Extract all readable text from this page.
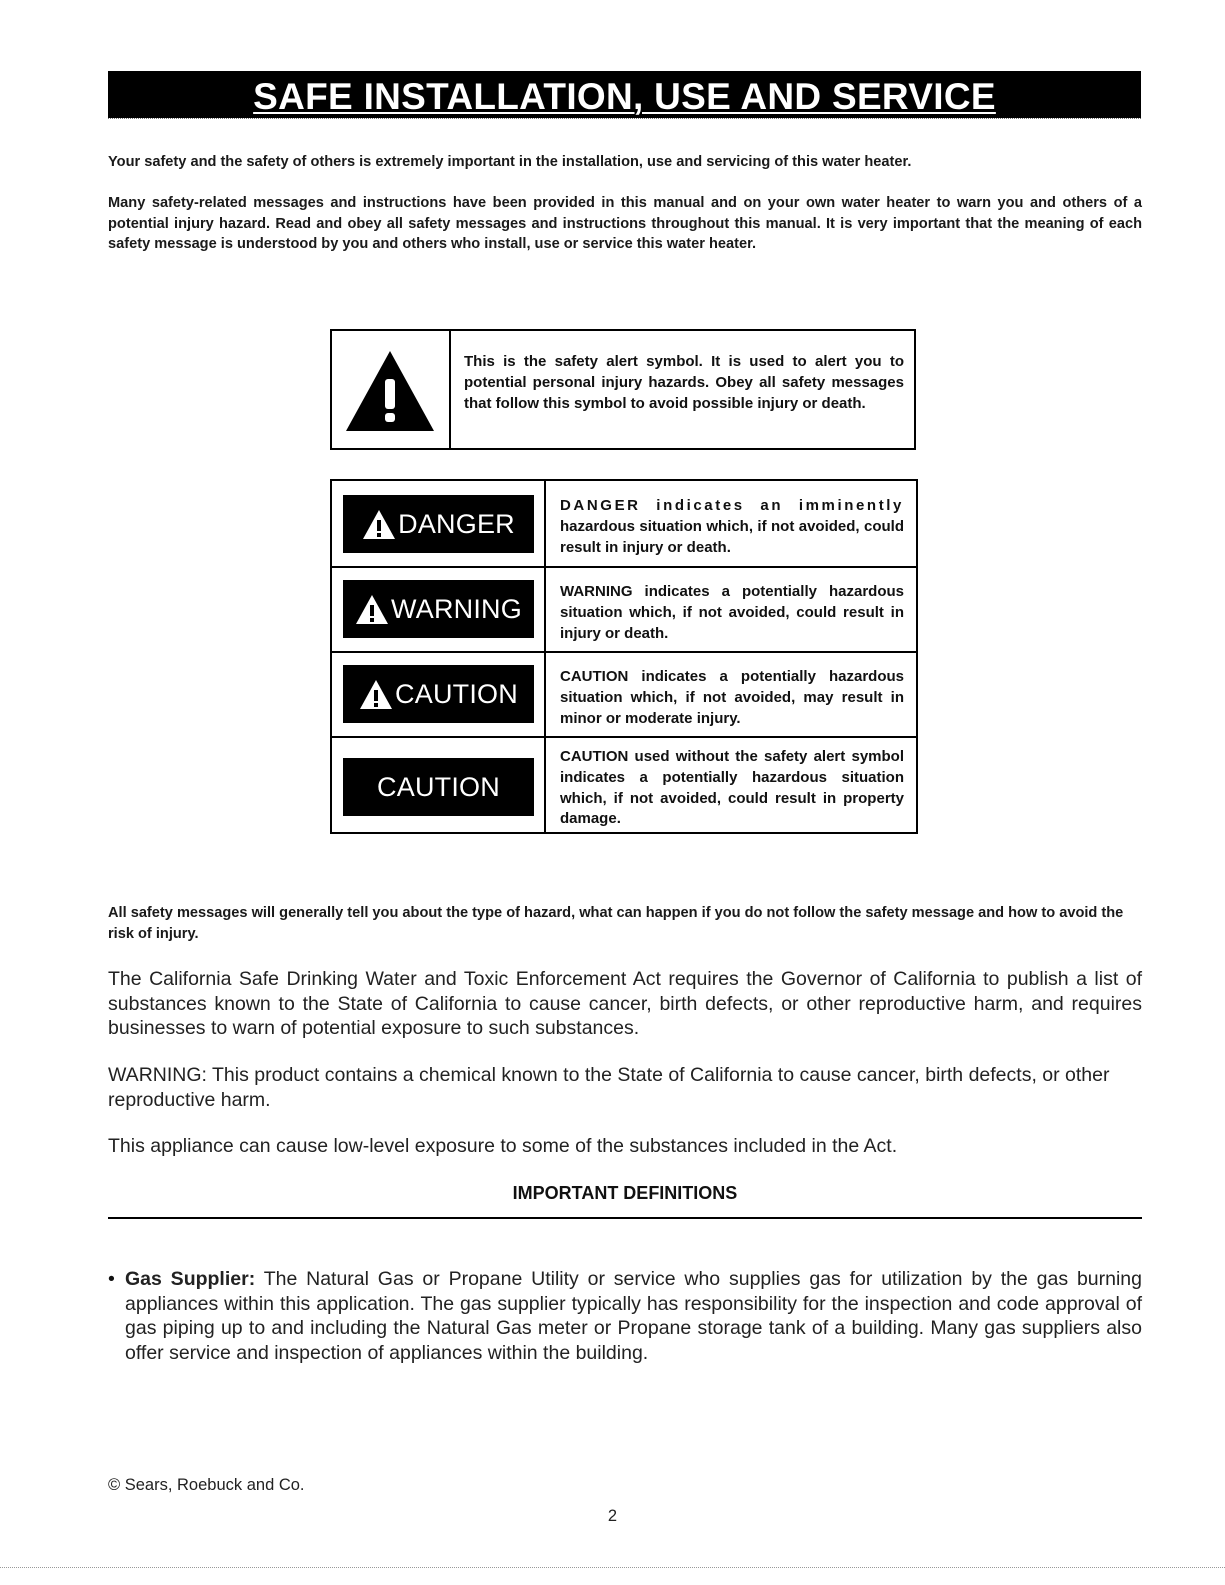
SAFE INSTALLATION, USE AND SERVICE

Your safety and the safety of others is extremely important in the installation, use and servicing of this water heater.

Many safety-related messages and instructions have been provided in this manual and on your own water heater to warn you and others of a potential injury hazard. Read and obey all safety messages and instructions throughout this manual. It is very important that the meaning of each safety message is understood by you and others who install, use or service this water heater.

This is the safety alert symbol. It is used to alert you to potential personal injury hazards. Obey all safety messages that follow this symbol to avoid possible injury or death.

DANGER

DANGER indicates an imminently hazardous situation which, if not avoided, could result in injury or death.

WARNING

WARNING indicates a potentially hazardous situation which, if not avoided, could result in injury or death.

CAUTION

CAUTION indicates a potentially hazardous situation which, if not avoided, may result in minor or moderate injury.

CAUTION

CAUTION used without the safety alert symbol indicates a potentially hazardous situation which, if not avoided, could result in property damage.

All safety messages will generally tell you about the type of hazard, what can happen if you do not follow the safety message and how to avoid the risk of injury.

The California Safe Drinking Water and Toxic Enforcement Act requires the Governor of California to publish a list of substances known to the State of California to cause cancer, birth defects, or other reproductive harm, and requires businesses to warn of potential exposure to such substances.

WARNING: This product contains a chemical known to the State of California to cause cancer, birth defects, or other reproductive harm.

This appliance can cause low-level exposure to some of the substances included in the Act.

IMPORTANT DEFINITIONS

• Gas Supplier: The Natural Gas or Propane Utility or service who supplies gas for utilization by the gas burning appliances within this application. The gas supplier typically has responsibility for the inspection and code approval of gas piping up to and including the Natural Gas meter or Propane storage tank of a building. Many gas suppliers also offer service and inspection of appliances within the building.

© Sears, Roebuck and Co.

2
